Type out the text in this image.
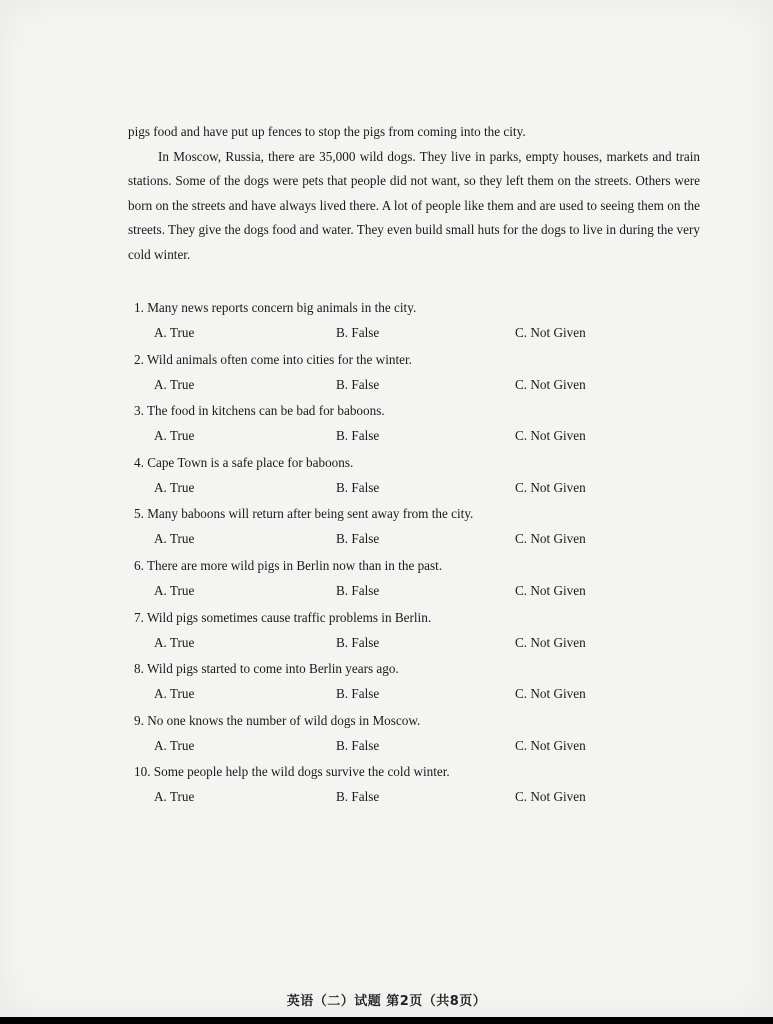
pigs food and have put up fences to stop the pigs from coming into the city.

In Moscow, Russia, there are 35,000 wild dogs. They live in parks, empty houses, markets and train stations. Some of the dogs were pets that people did not want, so they left them on the streets. Others were born on the streets and have always lived there. A lot of people like them and are used to seeing them on the streets. They give the dogs food and water. They even build small huts for the dogs to live in during the very cold winter.

1. Many news reports concern big animals in the city.
A. True	B. False	C. Not Given
2. Wild animals often come into cities for the winter.
A. True	B. False	C. Not Given
3. The food in kitchens can be bad for baboons.
A. True	B. False	C. Not Given
4. Cape Town is a safe place for baboons.
A. True	B. False	C. Not Given
5. Many baboons will return after being sent away from the city.
A. True	B. False	C. Not Given
6. There are more wild pigs in Berlin now than in the past.
A. True	B. False	C. Not Given
7. Wild pigs sometimes cause traffic problems in Berlin.
A. True	B. False	C. Not Given
8. Wild pigs started to come into Berlin years ago.
A. True	B. False	C. Not Given
9. No one knows the number of wild dogs in Moscow.
A. True	B. False	C. Not Given
10. Some people help the wild dogs survive the cold winter.
A. True	B. False	C. Not Given
英语（二）试题 第2页（共8页）
